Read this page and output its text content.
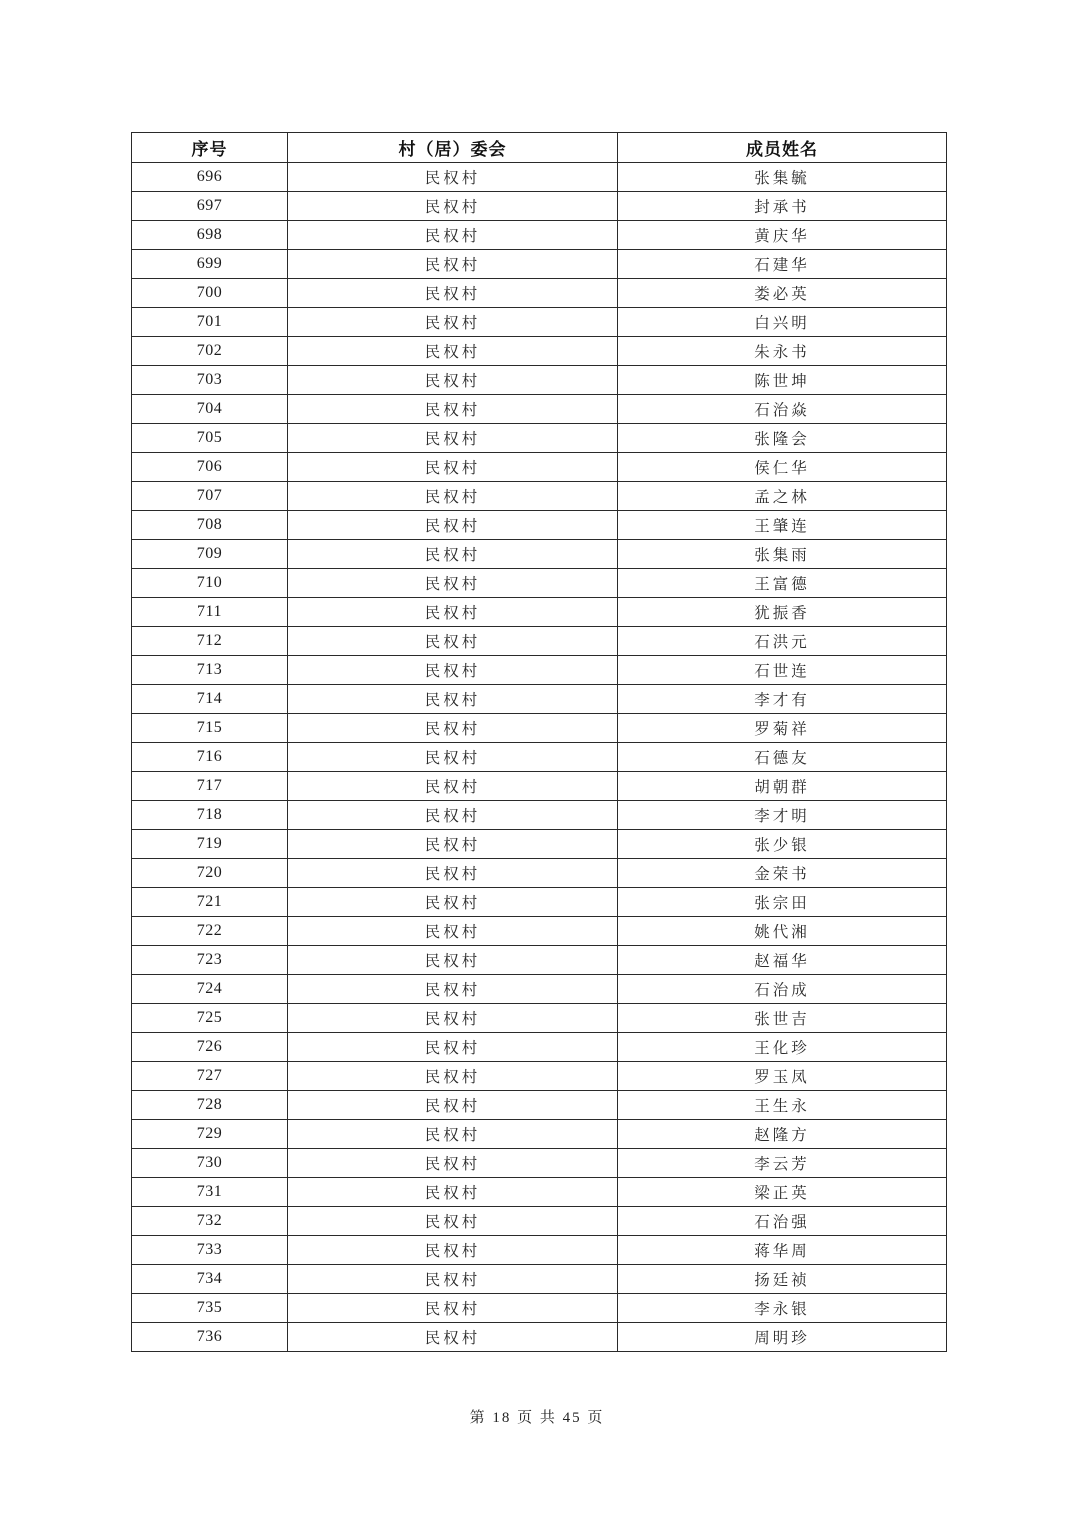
序号	村（居）委会	成员姓名
696	民权村	张集毓
697	民权村	封承书
698	民权村	黄庆华
699	民权村	石建华
700	民权村	娄必英
701	民权村	白兴明
702	民权村	朱永书
703	民权村	陈世坤
704	民权村	石治焱
705	民权村	张隆会
706	民权村	侯仁华
707	民权村	孟之林
708	民权村	王肇连
709	民权村	张集雨
710	民权村	王富德
711	民权村	犹振香
712	民权村	石洪元
713	民权村	石世连
714	民权村	李才有
715	民权村	罗菊祥
716	民权村	石德友
717	民权村	胡朝群
718	民权村	李才明
719	民权村	张少银
720	民权村	金荣书
721	民权村	张宗田
722	民权村	姚代湘
723	民权村	赵福华
724	民权村	石治成
725	民权村	张世吉
726	民权村	王化珍
727	民权村	罗玉凤
728	民权村	王生永
729	民权村	赵隆方
730	民权村	李云芳
731	民权村	梁正英
732	民权村	石治强
733	民权村	蒋华周
734	民权村	扬廷祯
735	民权村	李永银
736	民权村	周明珍
第 18 页 共 45 页
